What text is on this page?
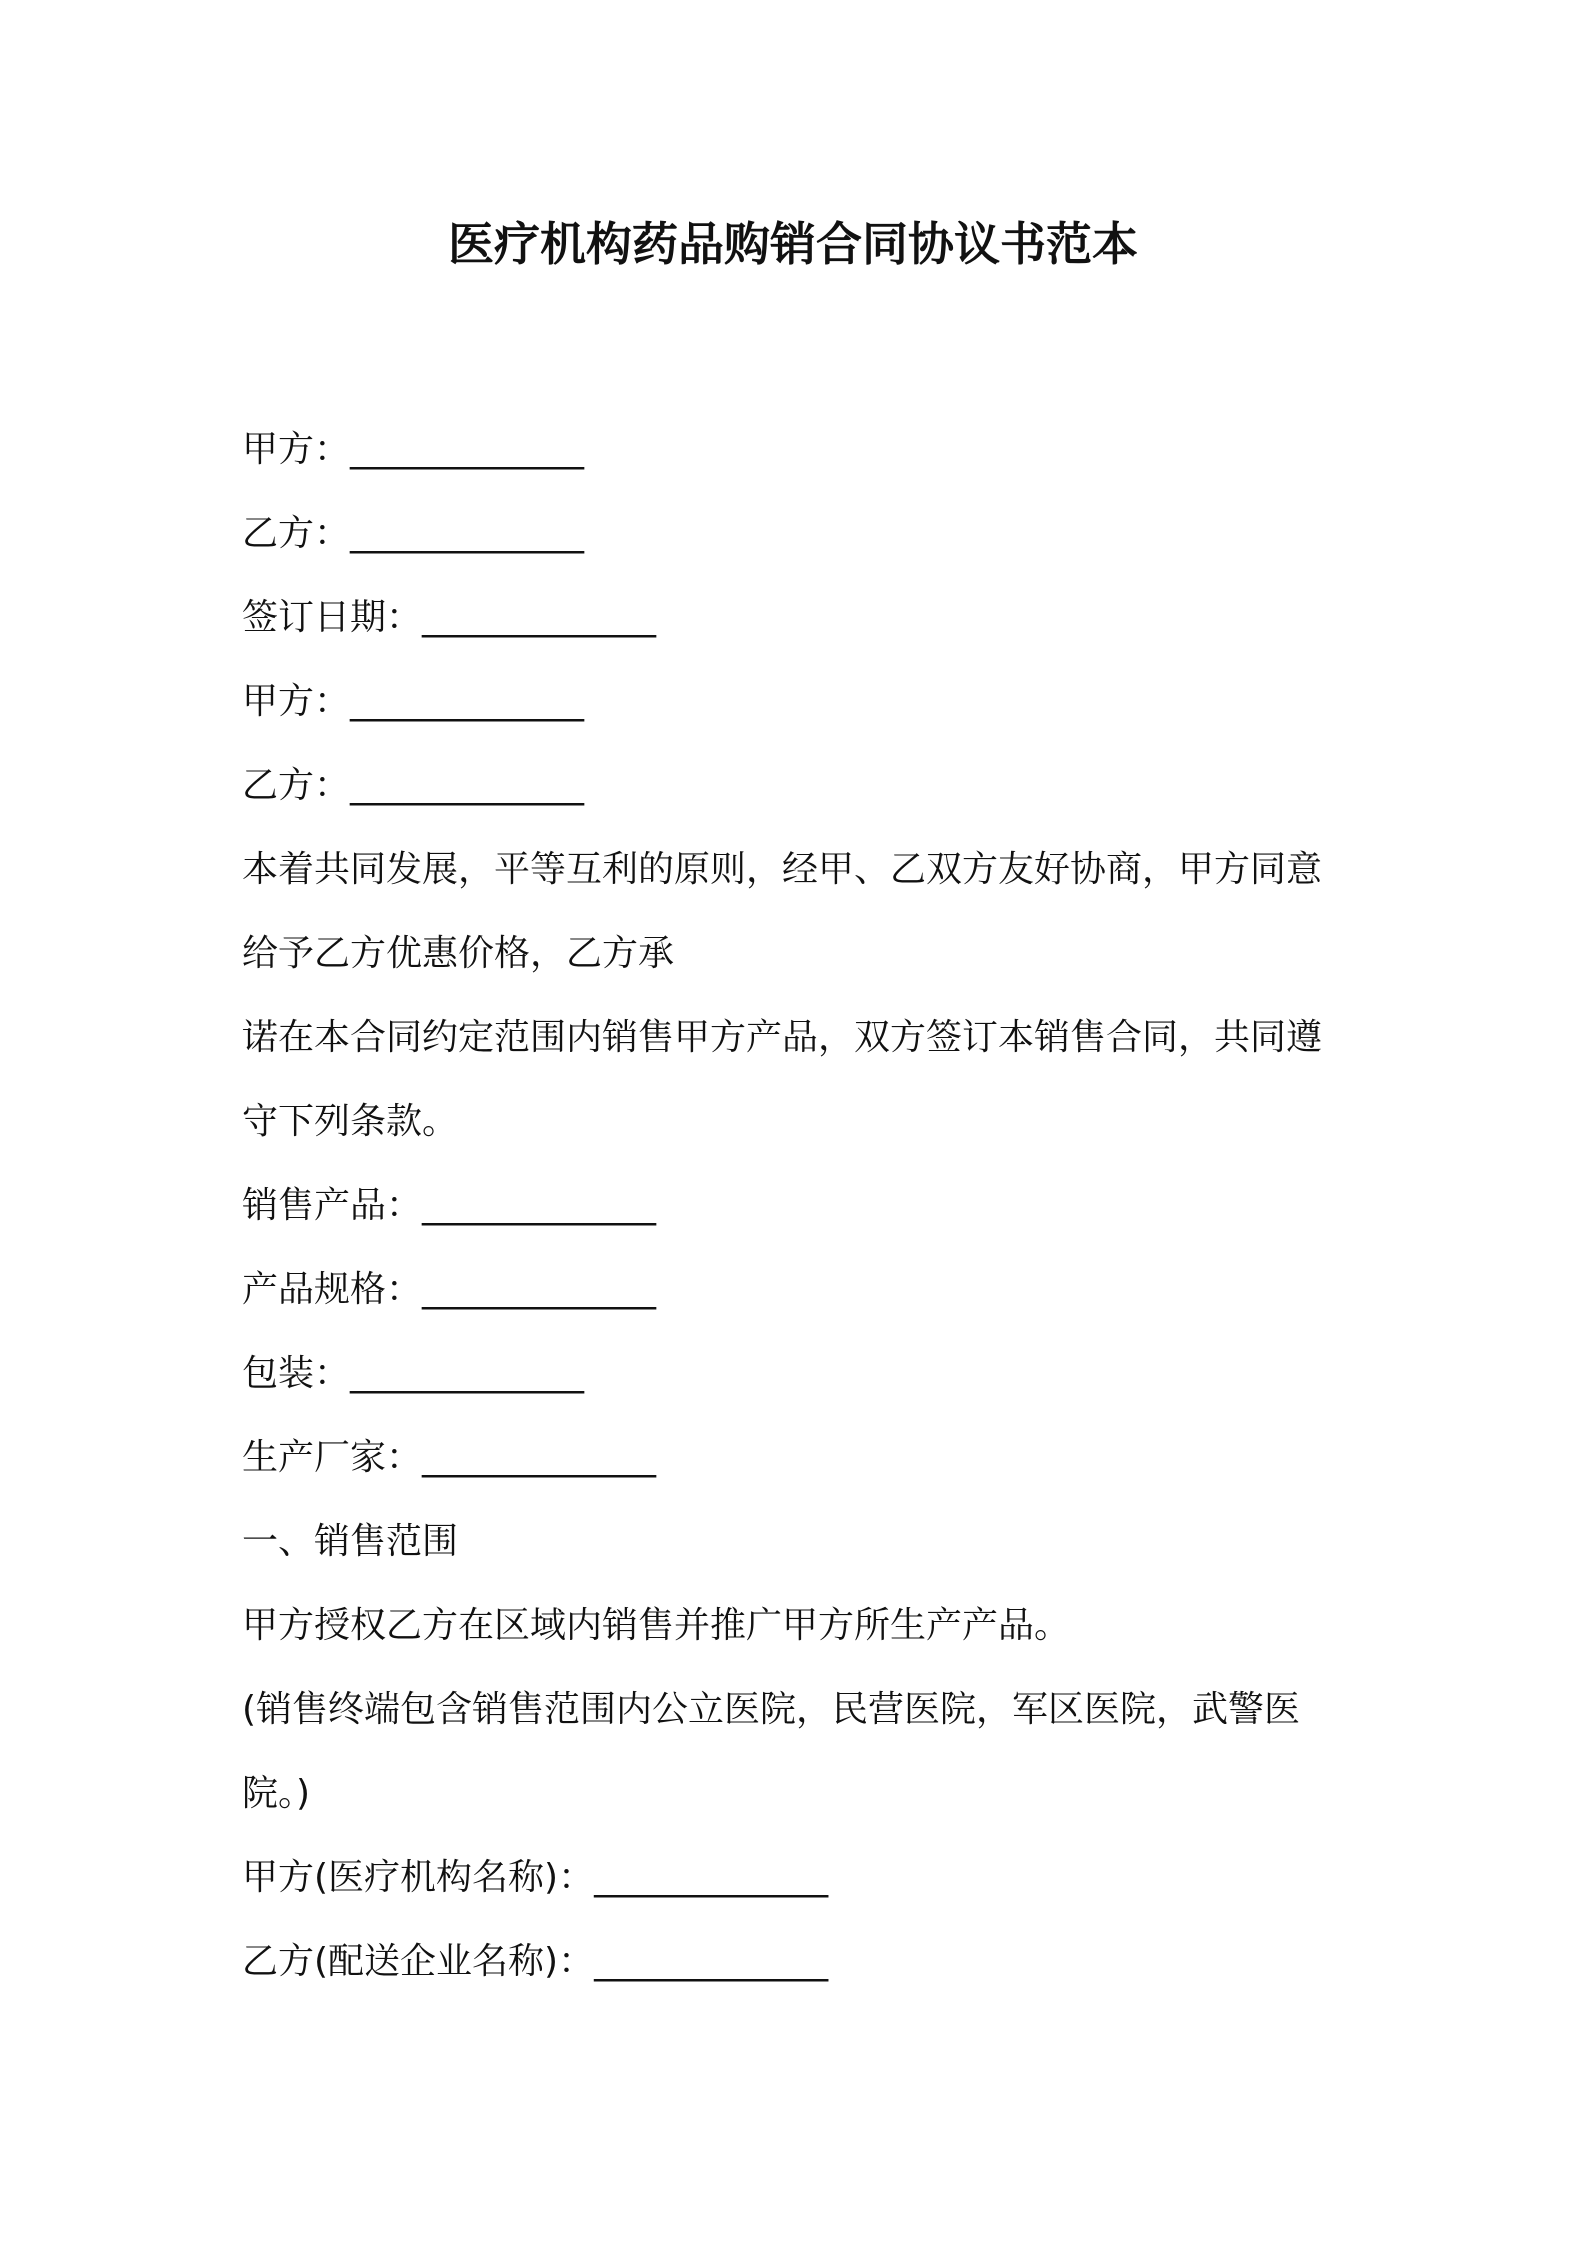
医疗机构药品购销合同协议书范本
甲方：_____________
乙方：_____________
签订日期：_____________
甲方：_____________
乙方：_____________
本着共同发展，平等互利的原则，经甲、乙双方友好协商，甲方同意
给予乙方优惠价格，乙方承
诺在本合同约定范围内销售甲方产品，双方签订本销售合同，共同遵
守下列条款。
销售产品：_____________
产品规格：_____________
包装：_____________
生产厂家：_____________
一、销售范围
甲方授权乙方在区域内销售并推广甲方所生产产品。
(销售终端包含销售范围内公立医院，民营医院，军区医院，武警医
院。)
甲方(医疗机构名称)：_____________
乙方(配送企业名称)：_____________
